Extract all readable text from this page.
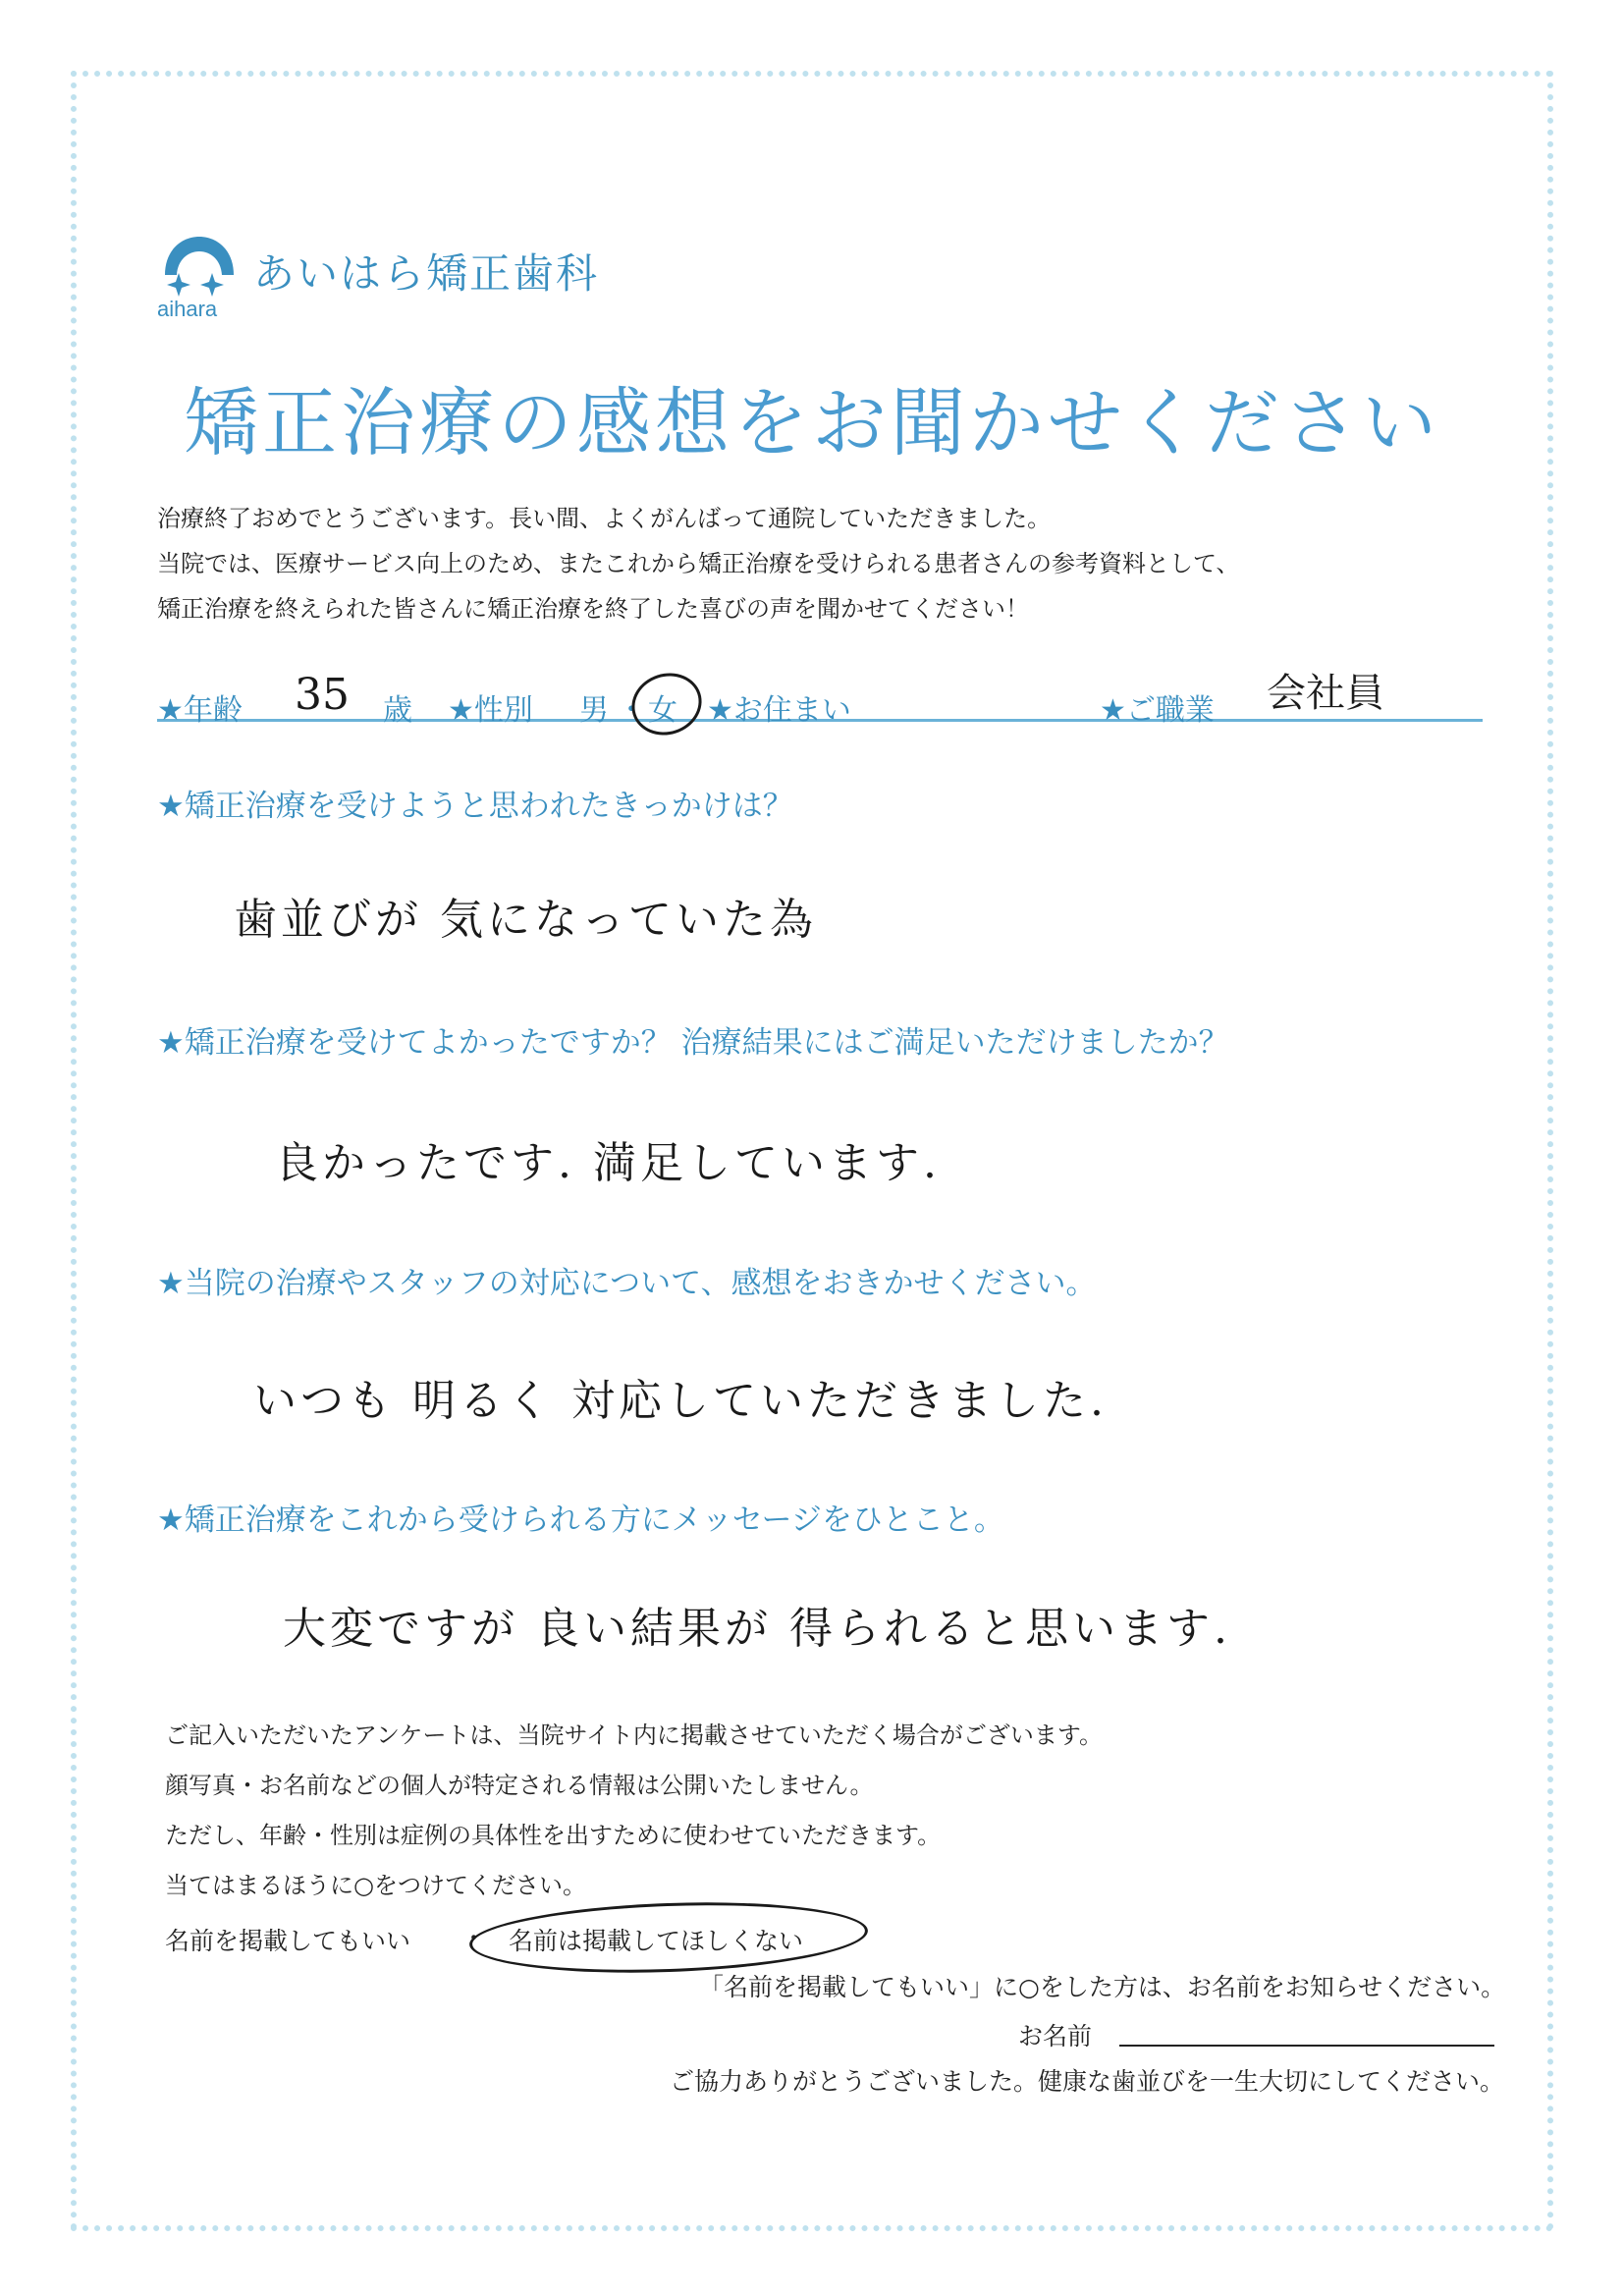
aihara
あいはら矯正歯科
矯正治療の感想をお聞かせください
治療終了おめでとうございます。長い間、よくがんばって通院していただきました。
当院では、医療サービス向上のため、またこれから矯正治療を受けられる患者さんの参考資料として、
矯正治療を終えられた皆さんに矯正治療を終了した喜びの声を聞かせてください！
★年齢 35 歳 ★性別 男 ・ 女 ★お住まい	★ご職業 会社員
★矯正治療を受けようと思われたきっかけは？
歯並びが 気になっていた為
★矯正治療を受けてよかったですか？ 治療結果にはご満足いただけましたか？
良かったです. 満足しています.
★当院の治療やスタッフの対応について、感想をおきかせください。
いつも 明るく 対応していただきました.
★矯正治療をこれから受けられる方にメッセージをひとこと。
大変ですが 良い結果が 得られると思います.
ご記入いただいたアンケートは、当院サイト内に掲載させていただく場合がございます。
顔写真・お名前などの個人が特定される情報は公開いたしません。
ただし、年齢・性別は症例の具体性を出すために使わせていただきます。
当てはまるほうに○をつけてください。
名前を掲載してもいい ・ 名前は掲載してほしくない
「名前を掲載してもいい」に○をした方は、お名前をお知らせください。
お名前
ご協力ありがとうございました。健康な歯並びを一生大切にしてください。
